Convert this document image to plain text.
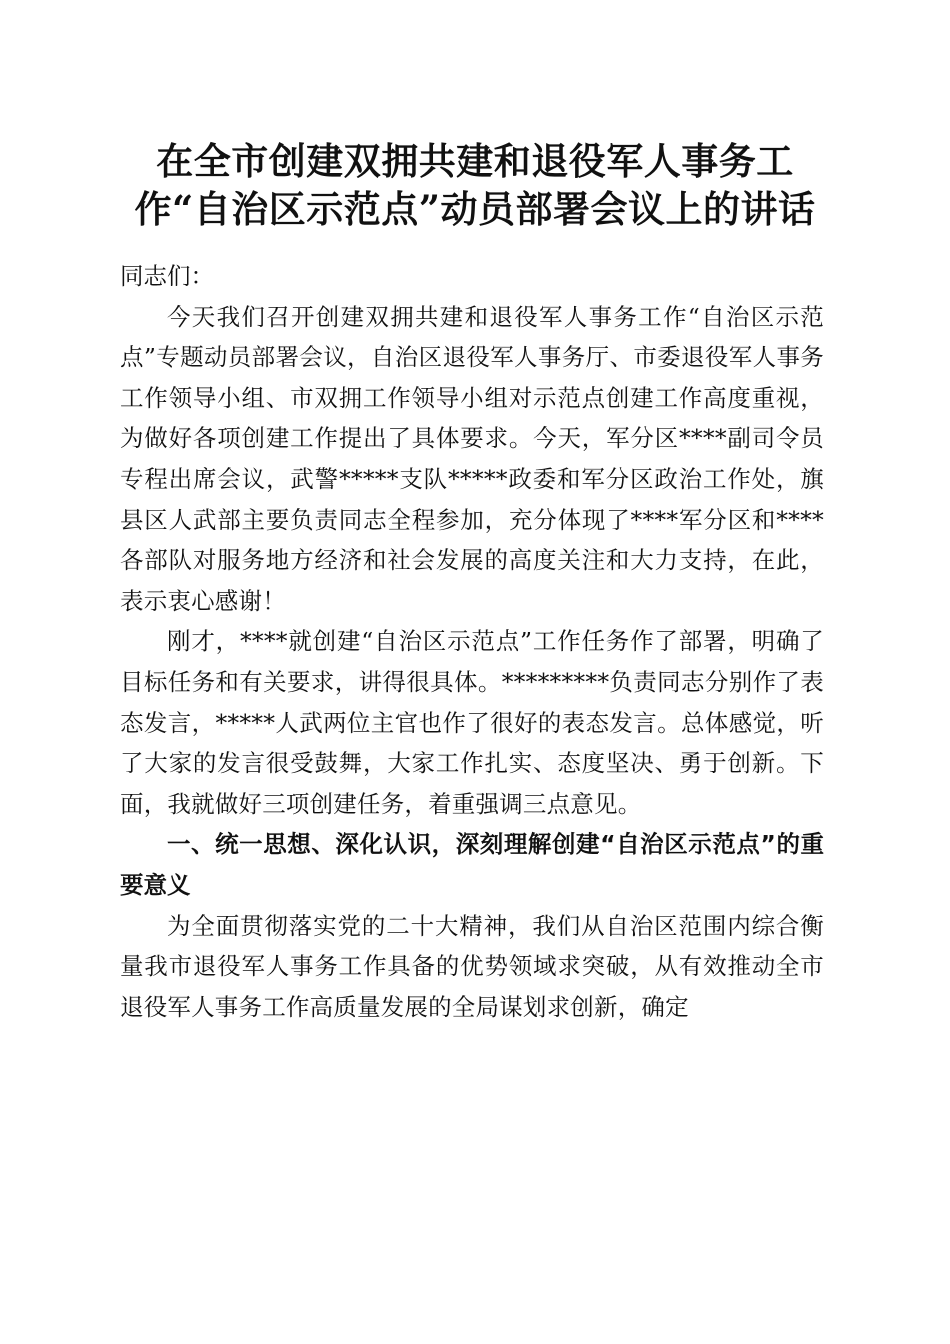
在全市创建双拥共建和退役军人事务工作“自治区示范点”动员部署会议上的讲话

同志们：

今天我们召开创建双拥共建和退役军人事务工作“自治区示范点”专题动员部署会议，自治区退役军人事务厅、市委退役军人事务工作领导小组、市双拥工作领导小组对示范点创建工作高度重视，为做好各项创建工作提出了具体要求。今天，军分区****副司令员专程出席会议，武警*****支队*****政委和军分区政治工作处，旗县区人武部主要负责同志全程参加，充分体现了****军分区和****各部队对服务地方经济和社会发展的高度关注和大力支持，在此，表示衷心感谢！

刚才，****就创建“自治区示范点”工作任务作了部署，明确了目标任务和有关要求，讲得很具体。*********负责同志分别作了表态发言，*****人武两位主官也作了很好的表态发言。总体感觉，听了大家的发言很受鼓舞，大家工作扎实、态度坚决、勇于创新。下面，我就做好三项创建任务，着重强调三点意见。

一、统一思想、深化认识，深刻理解创建“自治区示范点”的重要意义

为全面贯彻落实党的二十大精神，我们从自治区范围内综合衡量我市退役军人事务工作具备的优势领域求突破，从有效推动全市退役军人事务工作高质量发展的全局谋划求创新，确定
